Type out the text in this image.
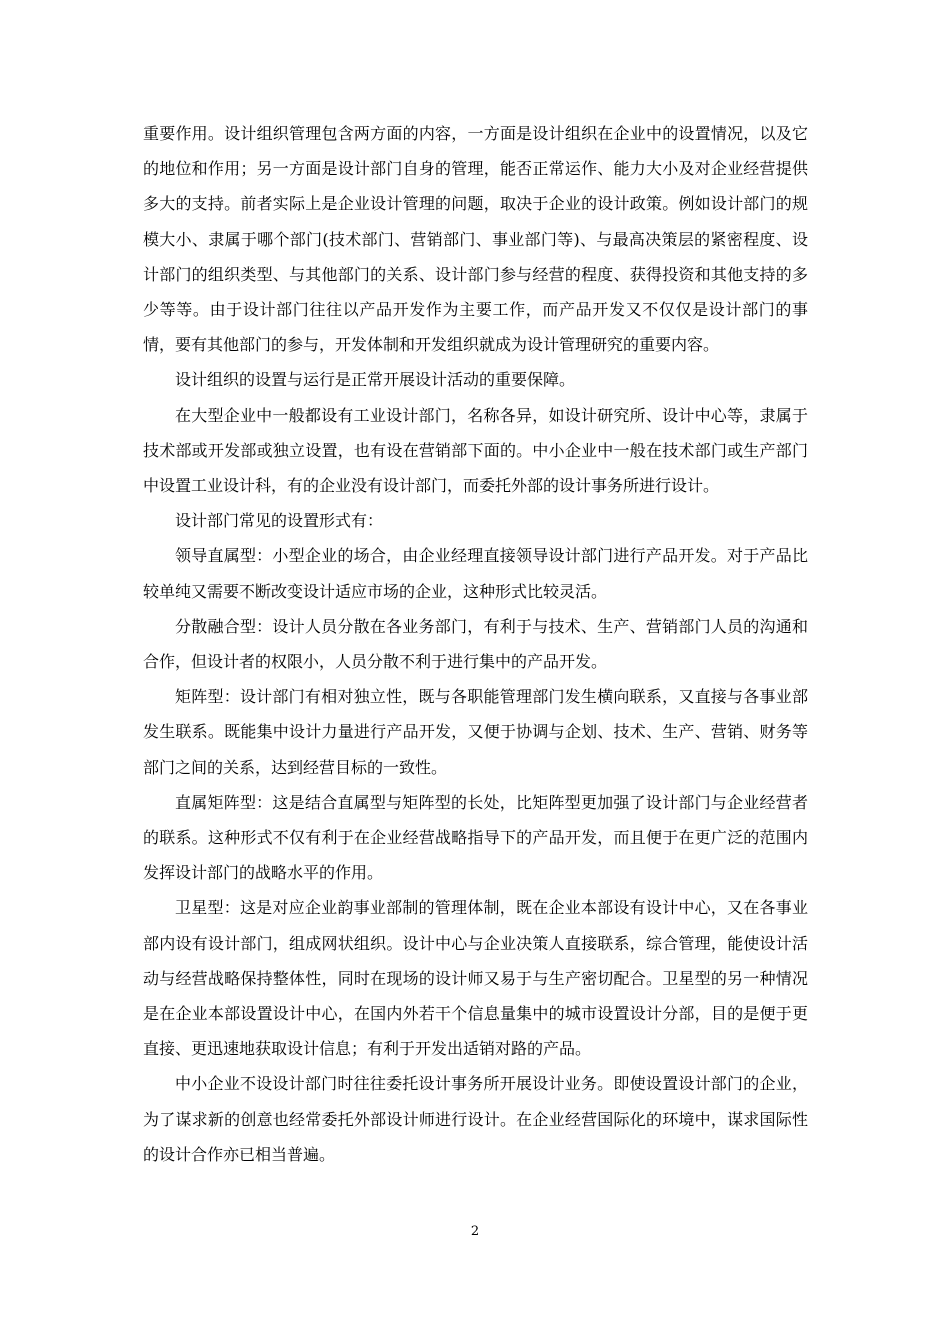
重要作用。设计组织管理包含两方面的内容，一方面是设计组织在企业中的设置情况，以及它的地位和作用；另一方面是设计部门自身的管理，能否正常运作、能力大小及对企业经营提供多大的支持。前者实际上是企业设计管理的问题，取决于企业的设计政策。例如设计部门的规模大小、隶属于哪个部门(技术部门、营销部门、事业部门等)、与最高决策层的紧密程度、设计部门的组织类型、与其他部门的关系、设计部门参与经营的程度、获得投资和其他支持的多少等等。由于设计部门往往以产品开发作为主要工作，而产品开发又不仅仅是设计部门的事情，要有其他部门的参与，开发体制和开发组织就成为设计管理研究的重要内容。

设计组织的设置与运行是正常开展设计活动的重要保障。

在大型企业中一般都设有工业设计部门，名称各异，如设计研究所、设计中心等，隶属于技术部或开发部或独立设置，也有设在营销部下面的。中小企业中一般在技术部门或生产部门中设置工业设计科，有的企业没有设计部门，而委托外部的设计事务所进行设计。

设计部门常见的设置形式有：

领导直属型：小型企业的场合，由企业经理直接领导设计部门进行产品开发。对于产品比较单纯又需要不断改变设计适应市场的企业，这种形式比较灵活。

分散融合型：设计人员分散在各业务部门，有利于与技术、生产、营销部门人员的沟通和合作，但设计者的权限小，人员分散不利于进行集中的产品开发。

矩阵型：设计部门有相对独立性，既与各职能管理部门发生横向联系，又直接与各事业部发生联系。既能集中设计力量进行产品开发，又便于协调与企划、技术、生产、营销、财务等部门之间的关系，达到经营目标的一致性。

直属矩阵型：这是结合直属型与矩阵型的长处，比矩阵型更加强了设计部门与企业经营者的联系。这种形式不仅有利于在企业经营战略指导下的产品开发，而且便于在更广泛的范围内发挥设计部门的战略水平的作用。

卫星型：这是对应企业韵事业部制的管理体制，既在企业本部设有设计中心，又在各事业部内设有设计部门，组成网状组织。设计中心与企业决策人直接联系，综合管理，能使设计活动与经营战略保持整体性，同时在现场的设计师又易于与生产密切配合。卫星型的另一种情况是在企业本部设置设计中心，在国内外若干个信息量集中的城市设置设计分部，目的是便于更直接、更迅速地获取设计信息；有利于开发出适销对路的产品。

中小企业不设设计部门时往往委托设计事务所开展设计业务。即使设置设计部门的企业，为了谋求新的创意也经常委托外部设计师进行设计。在企业经营国际化的环境中，谋求国际性的设计合作亦已相当普遍。

2
